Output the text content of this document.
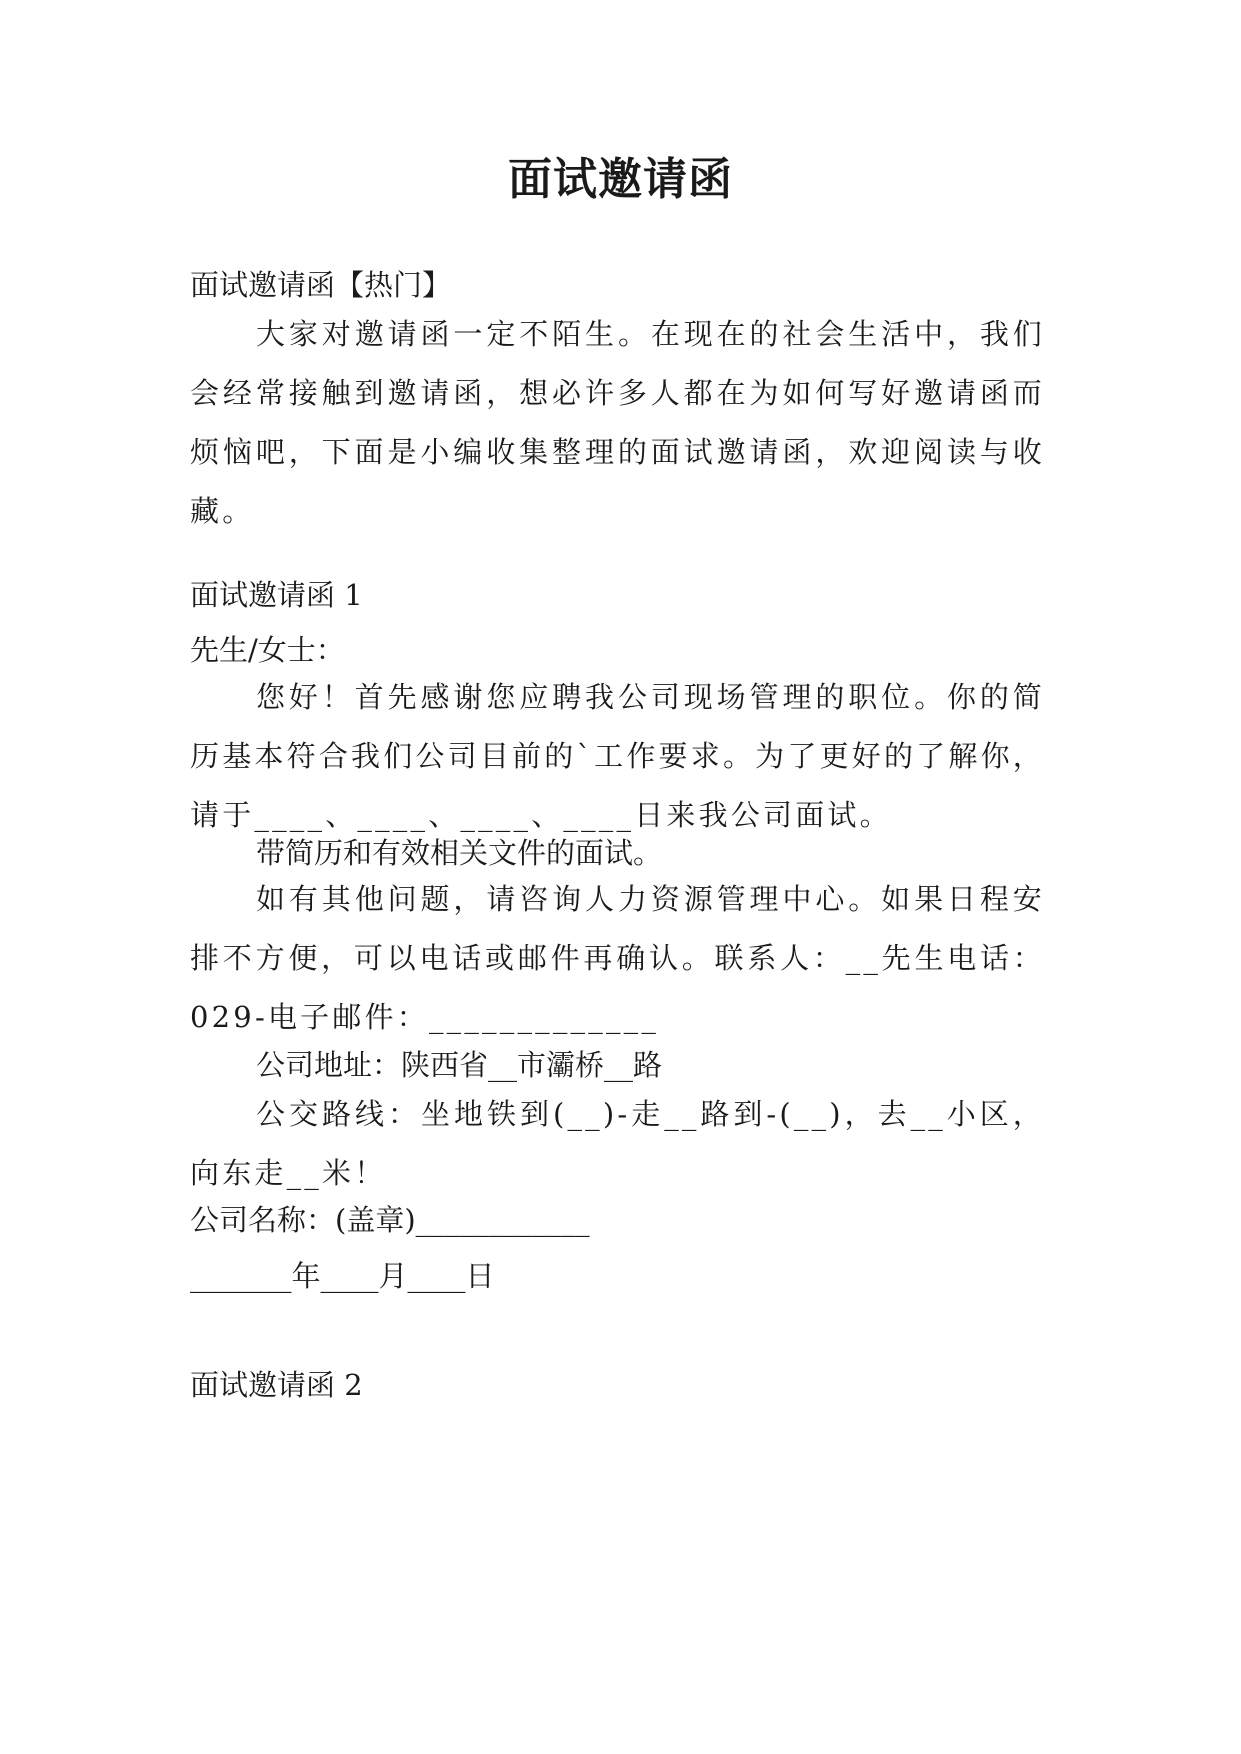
面试邀请函

面试邀请函【热门】

大家对邀请函一定不陌生。在现在的社会生活中，我们会经常接触到邀请函，想必许多人都在为如何写好邀请函而烦恼吧，下面是小编收集整理的面试邀请函，欢迎阅读与收藏。

面试邀请函 1

先生/女士：

您好！首先感谢您应聘我公司现场管理的职位。你的简历基本符合我们公司目前的`工作要求。为了更好的了解你，请于____、____、____、____日来我公司面试。

带简历和有效相关文件的面试。

如有其他问题，请咨询人力资源管理中心。如果日程安排不方便，可以电话或邮件再确认。联系人：__先生电话：029-电子邮件：_____________

公司地址：陕西省__市灞桥__路

公交路线：坐地铁到(__)-走__路到-(__)，去__小区，向东走__米！

公司名称：(盖章)____________

_______年____月____日

面试邀请函 2
